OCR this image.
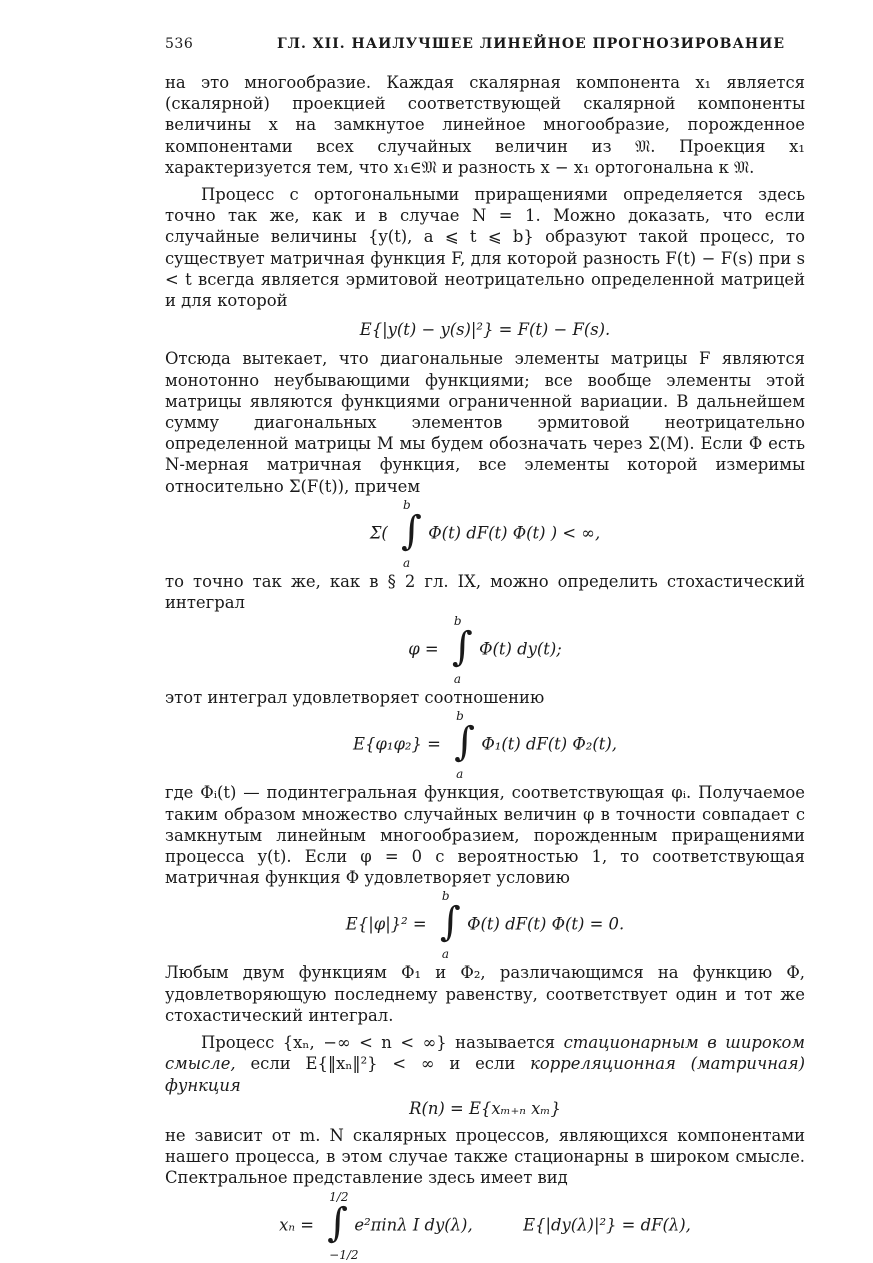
536	ГЛ. XII. НАИЛУЧШЕЕ ЛИНЕЙНОЕ ПРОГНОЗИРОВАНИЕ

на это многообразие. Каждая скалярная компонента x₁ является (скалярной) проекцией соответствующей скалярной компоненты величины x на замкнутое линейное многообразие, порожденное компонентами всех случайных величин из 𝔐. Проекция x₁ характеризуется тем, что x₁∈𝔐 и разность x − x₁ ортогональна к 𝔐.

Процесс с ортогональными приращениями определяется здесь точно так же, как и в случае N = 1. Можно доказать, что если случайные величины {y(t), a ⩽ t ⩽ b} образуют такой процесс, то существует матричная функция F, для которой разность F(t) − F(s) при s < t всегда является эрмитовой неотрицательно определенной матрицей и для которой

E{|y(t) − y(s)|²} = F(t) − F(s).

Отсюда вытекает, что диагональные элементы матрицы F являются монотонно неубывающими функциями; все вообще элементы этой матрицы являются функциями ограниченной вариации. В дальнейшем сумму диагональных элементов эрмитовой неотрицательно определенной матрицы M мы будем обозначать через Σ(M). Если Φ есть N-мерная матричная функция, все элементы которой измеримы относительно Σ(F(t)), причем

Σ( ∫
b
a
Φ(t) dF(t) Φ(t) ) < ∞,

то точно так же, как в § 2 гл. IX, можно определить стохастический интеграл

φ = ∫
b
a
Φ(t) dy(t);

этот интеграл удовлетворяет соотношению

E{φ₁φ₂} = ∫
b
a
Φ₁(t) dF(t) Φ₂(t),

где Φᵢ(t) — подинтегральная функция, соответствующая φᵢ. Получаемое таким образом множество случайных величин φ в точности совпадает с замкнутым линейным многообразием, порожденным приращениями процесса y(t). Если φ = 0 с вероятностью 1, то соответствующая матричная функция Φ удовлетворяет условию

E{|φ|}² = ∫
b
a
Φ(t) dF(t) Φ(t) = 0.

Любым двум функциям Φ₁ и Φ₂, различающимся на функцию Φ, удовлетворяющую последнему равенству, соответствует один и тот же стохастический интеграл.

Процесс {xₙ, −∞ < n < ∞} называется стационарным в широком смысле, если E{‖xₙ‖²} < ∞ и если корреляционная (матричная) функция

R(n) = E{xₘ₊ₙ xₘ}

не зависит от m. N скалярных процессов, являющихся компонентами нашего процесса, в этом случае также стационарны в широком смысле. Спектральное представление здесь имеет вид

xₙ = ∫
1/2
−1/2
e²πinλ I dy(λ),	E{|dy(λ)|²} = dF(λ),
